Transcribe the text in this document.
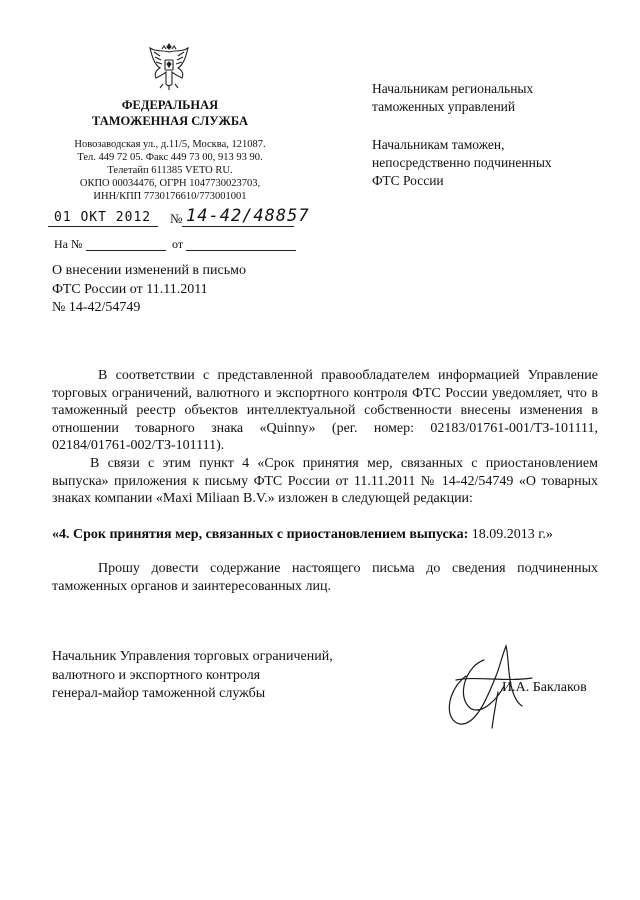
ФЕДЕРАЛЬНАЯ
ТАМОЖЕННАЯ СЛУЖБА
Новозаводская ул., д.11/5, Москва, 121087.
Тел. 449 72 05. Факс 449 73 00, 913 93 90.
Телетайп 611385 VETO RU.
ОКПО 00034476, ОГРН 1047730023703,
ИНН/КПП 7730176610/773001001
01 ОКТ 2012 № 14-42/48857
На №	от
Начальникам региональных
таможенных управлений
Начальникам таможен,
непосредственно подчиненных
ФТС России
О внесении изменений в письмо
ФТС России от 11.11.2011
№ 14-42/54749
В соответствии с представленной правообладателем информацией Управление торговых ограничений, валютного и экспортного контроля ФТС России уведомляет, что в таможенный реестр объектов интеллектуальной собственности внесены изменения в отношении товарного знака «Quinny» (рег. номер: 02183/01761-001/ТЗ-101111, 02184/01761-002/ТЗ-101111).
В связи с этим пункт 4 «Срок принятия мер, связанных с приостановлением выпуска» приложения к письму ФТС России от 11.11.2011 № 14-42/54749 «О товарных знаках компании «Maxi Miliaan B.V.» изложен в следующей редакции:
«4. Срок принятия мер, связанных с приостановлением выпуска: 18.09.2013 г.»
Прошу довести содержание настоящего письма до сведения подчиненных таможенных органов и заинтересованных лиц.
Начальник Управления торговых ограничений,
валютного и экспортного контроля
генерал-майор таможенной службы	И.А. Баклаков
